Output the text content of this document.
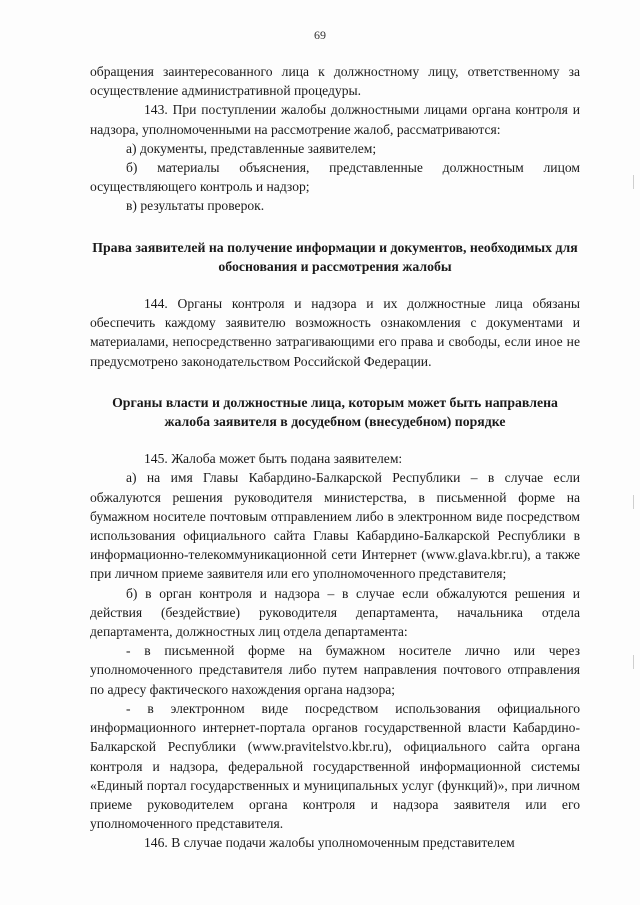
69

обращения заинтересованного лица к должностному лицу, ответственному за осуществление административной процедуры.

143. При поступлении жалобы должностными лицами органа контроля и надзора, уполномоченными на рассмотрение жалоб, рассматриваются:

а) документы, представленные заявителем;

б) материалы объяснения, представленные должностным лицом осуществляющего контроль и надзор;

в) результаты проверок.

Права заявителей на получение информации и документов, необходимых для обоснования и рассмотрения жалобы

144. Органы контроля и надзора и их должностные лица обязаны обеспечить каждому заявителю возможность ознакомления с документами и материалами, непосредственно затрагивающими его права и свободы, если иное не предусмотрено законодательством Российской Федерации.

Органы власти и должностные лица, которым может быть направлена жалоба заявителя в досудебном (внесудебном) порядке

145. Жалоба может быть подана заявителем:

а) на имя Главы Кабардино-Балкарской Республики – в случае если обжалуются решения руководителя министерства, в письменной форме на бумажном носителе почтовым отправлением либо в электронном виде посредством использования официального сайта Главы Кабардино-Балкарской Республики в информационно-телекоммуникационной сети Интернет (www.glava.kbr.ru), а также при личном приеме заявителя или его уполномоченного представителя;

б) в орган контроля и надзора – в случае если обжалуются решения и действия (бездействие) руководителя департамента, начальника отдела департамента, должностных лиц отдела департамента:

- в письменной форме на бумажном носителе лично или через уполномоченного представителя либо путем направления почтового отправления по адресу фактического нахождения органа надзора;

- в электронном виде посредством использования официального информационного интернет-портала органов государственной власти Кабардино-Балкарской Республики (www.pravitelstvo.kbr.ru), официального сайта органа контроля и надзора, федеральной государственной информационной системы «Единый портал государственных и муниципальных услуг (функций)», при личном приеме руководителем органа контроля и надзора заявителя или его уполномоченного представителя.

146. В случае подачи жалобы уполномоченным представителем
